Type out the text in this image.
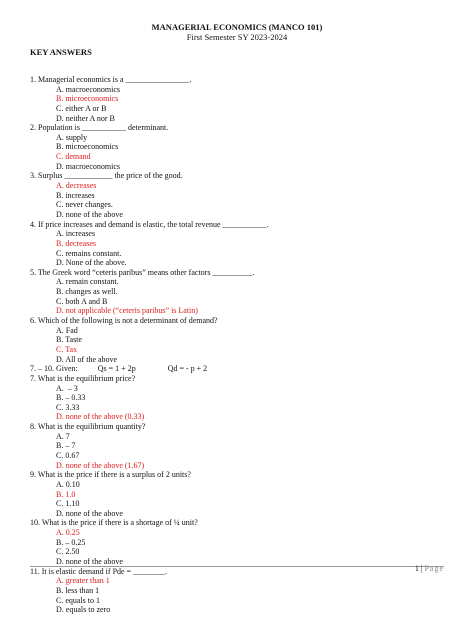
MANAGERIAL ECONOMICS (MANCO 101)
First Semester SY 2023-2024
KEY ANSWERS
1. Managerial economics is a ________________.
A. macroeconomics
B. microeconomics
C. either A or B
D. neither A nor B
2. Population is ___________ determinant.
A. supply
B. microeconomics
C. demand
D. macroeconomics
3. Surplus ____________ the price of the good.
A. decreases
B. increases
C. never changes.
D. none of the above
4. If price increases and demand is elastic, the total revenue ___________.
A. increases
B. decreases
C. remains constant.
D. None of the above.
5. The Greek word “ceteris paribus” means other factors __________.
A. remain constant.
B. changes as well.
C. both A and B
D. not applicable (“ceteris paribus” is Latin)
6. Which of the following is not a determinant of demand?
A. Fad
B. Taste
C. Tax
D. All of the above
7. – 10. Given:          Qs = 1 + 2p                Qd = - p + 2
7. What is the equilibrium price?
A.  – 3
B. – 0.33
C. 3.33
D. none of the above (0.33)
8. What is the equilibrium quantity?
A. 7
B. – 7
C. 0.67
D. none of the above (1.67)
9. What is the price if there is a surplus of 2 units?
A. 0.10
B. 1.0
C. 1.10
D. none of the above
10. What is the price if there is a shortage of ¼ unit?
A. 0.25
B. – 0.25
C. 2.50
D. none of the above
11. It is elastic demand if Pde = ________.
A. greater than 1
B. less than 1
C. equals to 1
D. equals to zero
1 | Page
